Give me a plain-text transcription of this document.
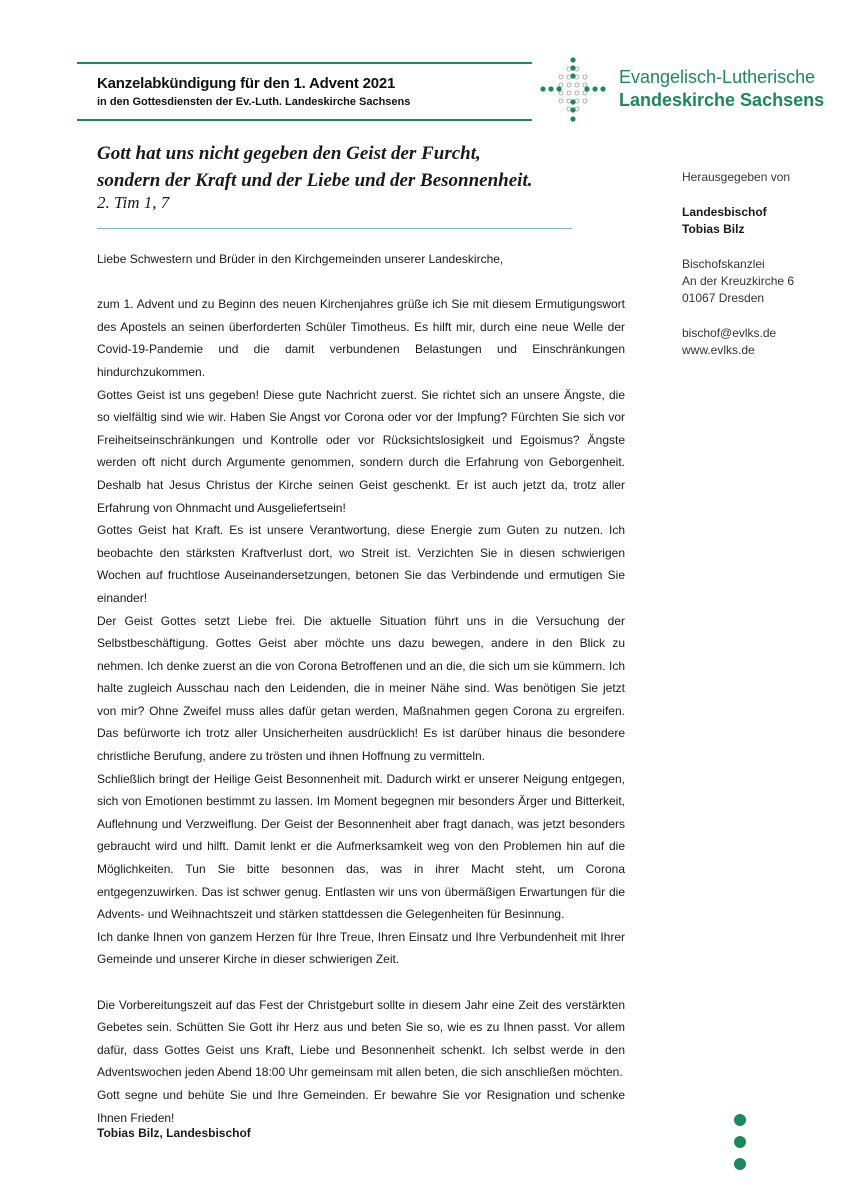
Kanzelabkündigung für den 1. Advent 2021
in den Gottesdiensten der Ev.-Luth. Landeskirche Sachsens
Evangelisch-Lutherische
Landeskirche Sachsens
Gott hat uns nicht gegeben den Geist der Furcht,
sondern der Kraft und der Liebe und der Besonnenheit.
2. Tim 1, 7
Herausgegeben von
Landesbischof
Tobias Bilz
Bischofskanzlei
An der Kreuzkirche 6
01067 Dresden
bischof@evlks.de
www.evlks.de

Liebe Schwestern und Brüder in den Kirchgemeinden unserer Landeskirche,

zum 1. Advent und zu Beginn des neuen Kirchenjahres grüße ich Sie mit diesem Ermutigungswort des Apostels an seinen überforderten Schüler Timotheus. Es hilft mir, durch eine neue Welle der Covid-19-Pandemie und die damit verbundenen Belastungen und Einschränkungen hindurchzukommen.

Gottes Geist ist uns gegeben! Diese gute Nachricht zuerst. Sie richtet sich an unsere Ängste, die so vielfältig sind wie wir. Haben Sie Angst vor Corona oder vor der Impfung? Fürchten Sie sich vor Freiheitseinschränkungen und Kontrolle oder vor Rücksichtslosigkeit und Egoismus? Ängste werden oft nicht durch Argumente genommen, sondern durch die Erfahrung von Geborgenheit. Deshalb hat Jesus Christus der Kirche seinen Geist geschenkt. Er ist auch jetzt da, trotz aller Erfahrung von Ohnmacht und Ausgeliefertsein!

Gottes Geist hat Kraft. Es ist unsere Verantwortung, diese Energie zum Guten zu nutzen. Ich beobachte den stärksten Kraftverlust dort, wo Streit ist. Verzichten Sie in diesen schwierigen Wochen auf fruchtlose Auseinandersetzungen, betonen Sie das Verbindende und ermutigen Sie einander!

Der Geist Gottes setzt Liebe frei. Die aktuelle Situation führt uns in die Versuchung der Selbstbeschäftigung. Gottes Geist aber möchte uns dazu bewegen, andere in den Blick zu nehmen. Ich denke zuerst an die von Corona Betroffenen und an die, die sich um sie kümmern. Ich halte zugleich Ausschau nach den Leidenden, die in meiner Nähe sind. Was benötigen Sie jetzt von mir? Ohne Zweifel muss alles dafür getan werden, Maßnahmen gegen Corona zu ergreifen. Das befürworte ich trotz aller Unsicherheiten ausdrücklich! Es ist darüber hinaus die besondere christliche Berufung, andere zu trösten und ihnen Hoffnung zu vermitteln.

Schließlich bringt der Heilige Geist Besonnenheit mit. Dadurch wirkt er unserer Neigung entgegen, sich von Emotionen bestimmt zu lassen. Im Moment begegnen mir besonders Ärger und Bitterkeit, Auflehnung und Verzweiflung. Der Geist der Besonnenheit aber fragt danach, was jetzt besonders gebraucht wird und hilft. Damit lenkt er die Aufmerksamkeit weg von den Problemen hin auf die Möglichkeiten. Tun Sie bitte besonnen das, was in ihrer Macht steht, um Corona entgegenzuwirken. Das ist schwer genug. Entlasten wir uns von übermäßigen Erwartungen für die Advents- und Weihnachtszeit und stärken stattdessen die Gelegenheiten für Besinnung.

Ich danke Ihnen von ganzem Herzen für Ihre Treue, Ihren Einsatz und Ihre Verbundenheit mit Ihrer Gemeinde und unserer Kirche in dieser schwierigen Zeit.

Die Vorbereitungszeit auf das Fest der Christgeburt sollte in diesem Jahr eine Zeit des verstärkten Gebetes sein. Schütten Sie Gott ihr Herz aus und beten Sie so, wie es zu Ihnen passt. Vor allem dafür, dass Gottes Geist uns Kraft, Liebe und Besonnenheit schenkt. Ich selbst werde in den Adventswochen jeden Abend 18:00 Uhr gemeinsam mit allen beten, die sich anschließen möchten.

Gott segne und behüte Sie und Ihre Gemeinden. Er bewahre Sie vor Resignation und schenke Ihnen Frieden!

Tobias Bilz, Landesbischof
